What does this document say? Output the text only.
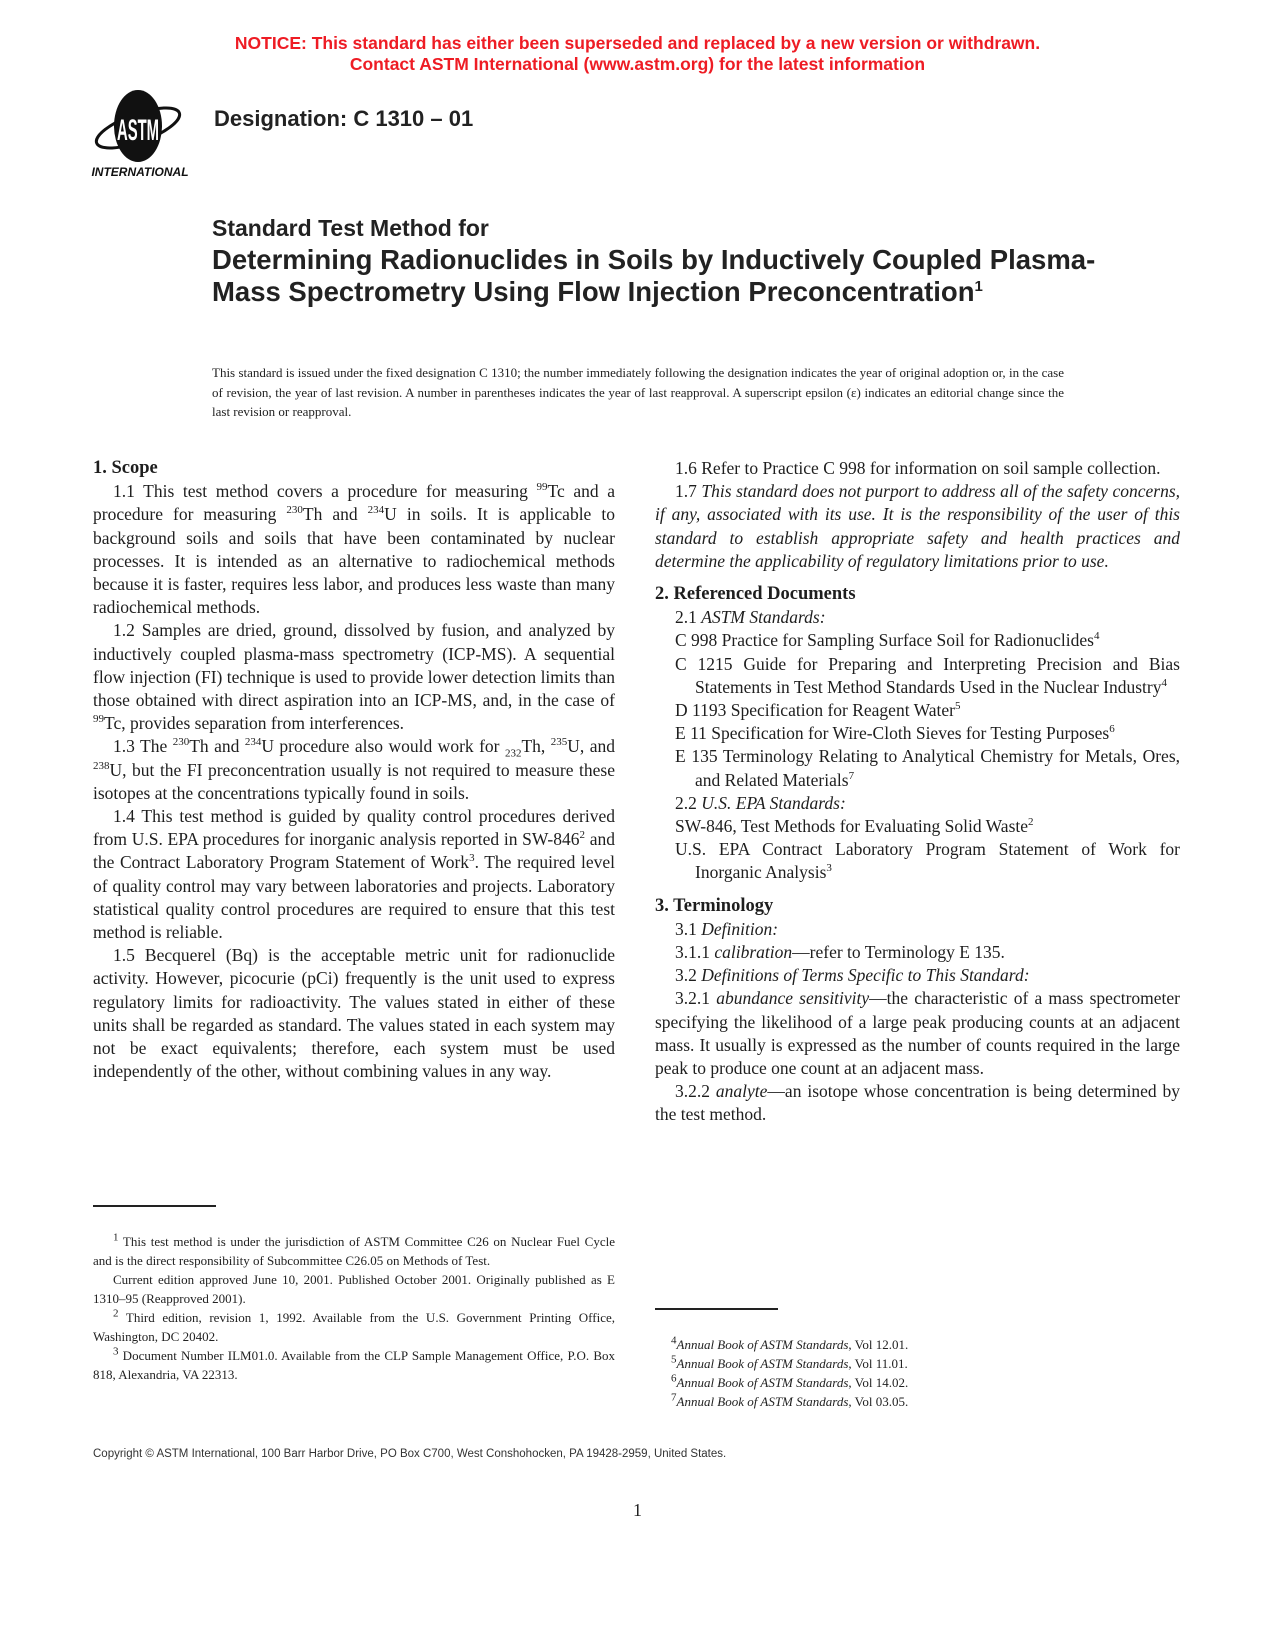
NOTICE: This standard has either been superseded and replaced by a new version or withdrawn.
Contact ASTM International (www.astm.org) for the latest information
ASTM
INTERNATIONAL
Designation: C 1310 – 01
Standard Test Method for
Determining Radionuclides in Soils by Inductively Coupled Plasma-Mass Spectrometry Using Flow Injection Preconcentration$^1$
This standard is issued under the fixed designation C 1310; the number immediately following the designation indicates the year of original adoption or, in the case of revision, the year of last revision. A number in parentheses indicates the year of last reapproval. A superscript epsilon (ε) indicates an editorial change since the last revision or reapproval.
1. Scope

1.1 This test method covers a procedure for measuring $^{99}$Tc and a procedure for measuring $^{230}$Th and $^{234}$U in soils. It is applicable to background soils and soils that have been contaminated by nuclear processes. It is intended as an alternative to radiochemical methods because it is faster, requires less labor, and produces less waste than many radiochemical methods.

1.2 Samples are dried, ground, dissolved by fusion, and analyzed by inductively coupled plasma-mass spectrometry (ICP-MS). A sequential flow injection (FI) technique is used to provide lower detection limits than those obtained with direct aspiration into an ICP-MS, and, in the case of $^{99}$Tc, provides separation from interferences.

1.3 The $^{230}$Th and $^{234}$U procedure also would work for $_{232}$Th, $^{235}$U, and $^{238}$U, but the FI preconcentration usually is not required to measure these isotopes at the concentrations typically found in soils.

1.4 This test method is guided by quality control procedures derived from U.S. EPA procedures for inorganic analysis reported in $SW-846^2$ and the Contract Laboratory Program Statement of Work$^3$. The required level of quality control may vary between laboratories and projects. Laboratory statistical quality control procedures are required to ensure that this test method is reliable.

1.5 Becquerel (Bq) is the acceptable metric unit for radionuclide activity. However, picocurie (pCi) frequently is the unit used to express regulatory limits for radioactivity. The values stated in either of these units shall be regarded as standard. The values stated in each system may not be exact equivalents; therefore, each system must be used independently of the other, without combining values in any way.

$^1$ This test method is under the jurisdiction of ASTM Committee C26 on Nuclear Fuel Cycle and is the direct responsibility of Subcommittee C26.05 on Methods of Test.

Current edition approved June 10, 2001. Published October 2001. Originally published as E 1310–95 (Reapproved 2001).

$^2$ Third edition, revision 1, 1992. Available from the U.S. Government Printing Office, Washington, DC 20402.

$^3$ Document Number ILM01.0. Available from the CLP Sample Management Office, P.O. Box 818, Alexandria, VA 22313.

1.6 Refer to Practice C 998 for information on soil sample collection.

1.7 This standard does not purport to address all of the safety concerns, if any, associated with its use. It is the responsibility of the user of this standard to establish appropriate safety and health practices and determine the applicability of regulatory limitations prior to use.

2. Referenced Documents

2.1 ASTM Standards:

C 998 Practice for Sampling Surface Soil for Radionuclides$^4$

C 1215 Guide for Preparing and Interpreting Precision and Bias Statements in Test Method Standards Used in the Nuclear Industry$^4$

D 1193 Specification for Reagent Water$^5$

E 11 Specification for Wire-Cloth Sieves for Testing Purposes$^6$

E 135 Terminology Relating to Analytical Chemistry for Metals, Ores, and Related Materials$^7$

2.2 U.S. EPA Standards:

SW-846, Test Methods for Evaluating Solid Waste$^2$

U.S. EPA Contract Laboratory Program Statement of Work for Inorganic Analysis$^3$

3. Terminology

3.1 Definition:

3.1.1 calibration—refer to Terminology E 135.

3.2 Definitions of Terms Specific to This Standard:

3.2.1 abundance sensitivity—the characteristic of a mass spectrometer specifying the likelihood of a large peak producing counts at an adjacent mass. It usually is expressed as the number of counts required in the large peak to produce one count at an adjacent mass.

3.2.2 analyte—an isotope whose concentration is being determined by the test method.

$^4$Annual Book of ASTM Standards, Vol 12.01.

$^5$Annual Book of ASTM Standards, Vol 11.01.

$^6$Annual Book of ASTM Standards, Vol 14.02.

$^7$Annual Book of ASTM Standards, Vol 03.05.

Copyright © ASTM International, 100 Barr Harbor Drive, PO Box C700, West Conshohocken, PA 19428-2959, United States.
1
